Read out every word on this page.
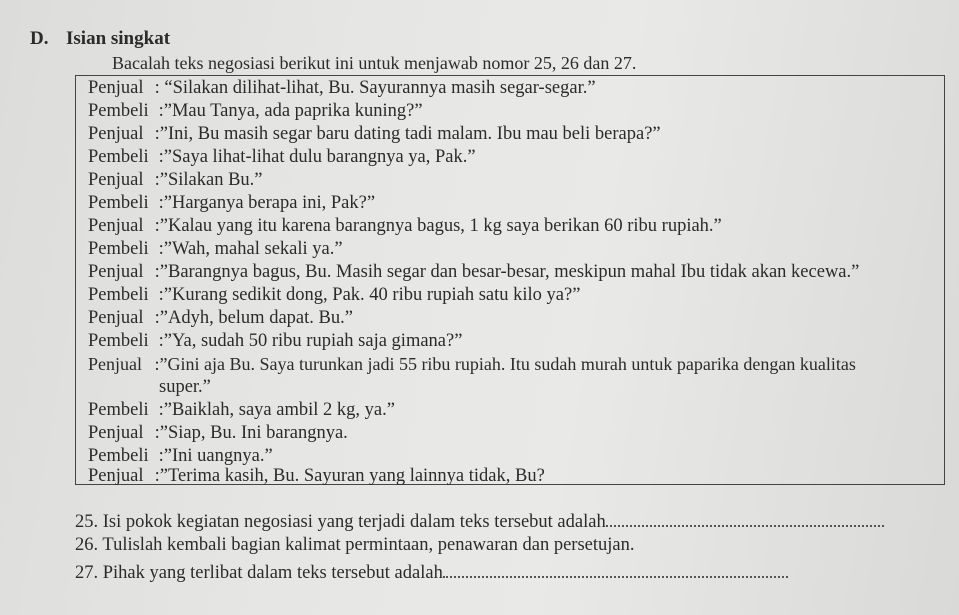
D. Isian singkat
Bacalah teks negosiasi berikut ini untuk menjawab nomor 25, 26 dan 27.
Penjual : “Silakan dilihat-lihat, Bu. Sayurannya masih segar-segar.”
Pembeli :”Mau Tanya, ada paprika kuning?”
Penjual :”Ini, Bu masih segar baru dating tadi malam. Ibu mau beli berapa?”
Pembeli :”Saya lihat-lihat dulu barangnya ya, Pak.”
Penjual :”Silakan Bu.”
Pembeli :”Harganya berapa ini, Pak?”
Penjual :”Kalau yang itu karena barangnya bagus, 1 kg saya berikan 60 ribu rupiah.”
Pembeli :”Wah, mahal sekali ya.”
Penjual :”Barangnya bagus, Bu. Masih segar dan besar-besar, meskipun mahal Ibu tidak akan kecewa.”
Pembeli :”Kurang sedikit dong, Pak. 40 ribu rupiah satu kilo ya?”
Penjual :”Adyh, belum dapat. Bu.”
Pembeli :”Ya, sudah 50 ribu rupiah saja gimana?”
Penjual :”Gini aja Bu. Saya turunkan jadi 55 ribu rupiah. Itu sudah murah untuk paparika dengan kualitas
super.”
Pembeli :”Baiklah, saya ambil 2 kg, ya.”
Penjual :”Siap, Bu. Ini barangnya.
Pembeli :”Ini uangnya.”
Penjual :”Terima kasih, Bu. Sayuran yang lainnya tidak, Bu?
25. Isi pokok kegiatan negosiasi yang terjadi dalam teks tersebut adalah
26. Tulislah kembali bagian kalimat permintaan, penawaran dan persetujan.
27. Pihak yang terlibat dalam teks tersebut adalah
